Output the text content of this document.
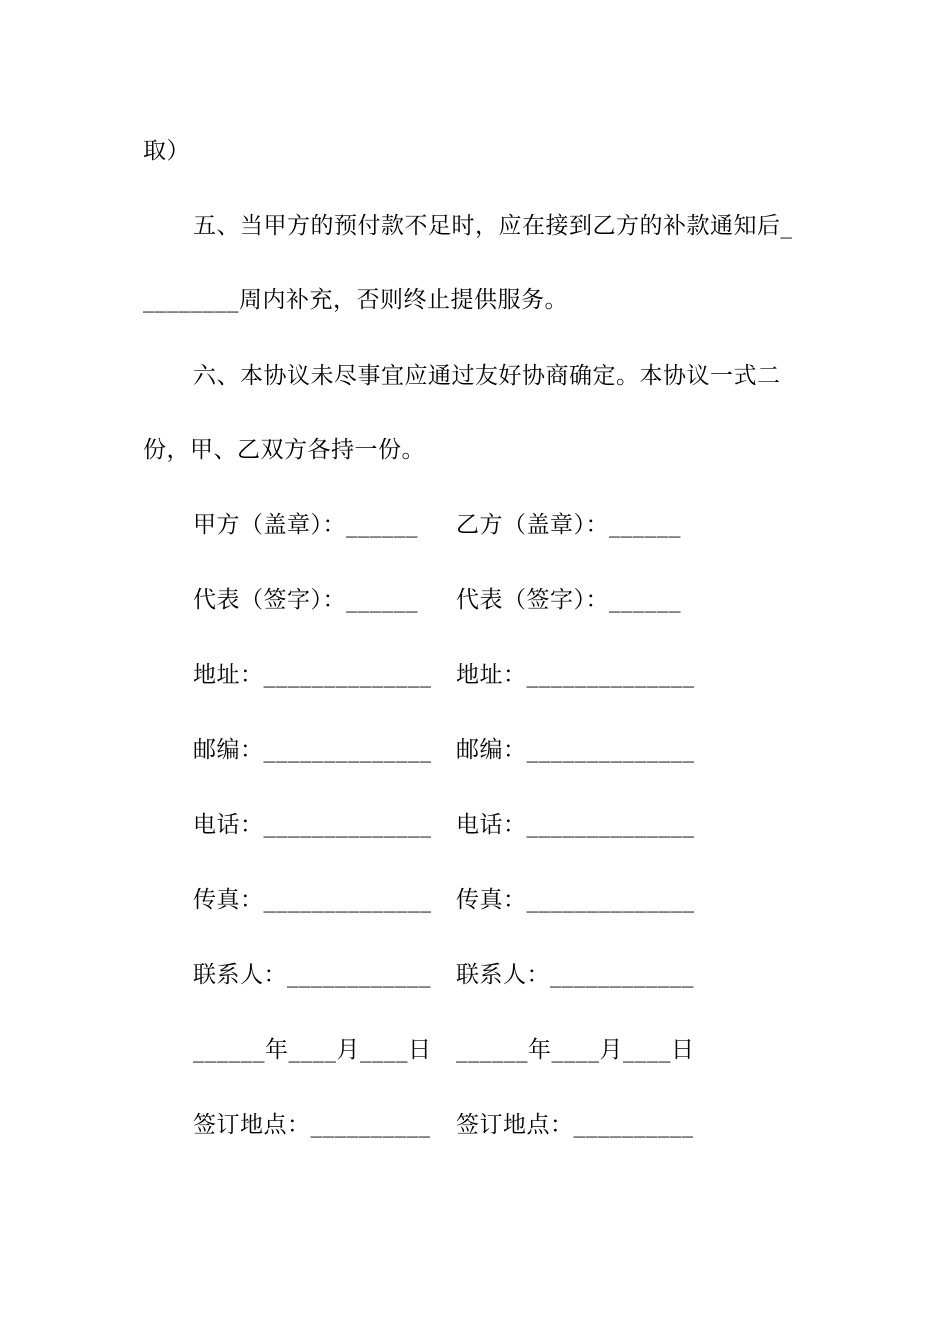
取）
五、当甲方的预付款不足时，应在接到乙方的补款通知后_
________周内补充，否则终止提供服务。
六、本协议未尽事宜应通过友好协商确定。本协议一式二
份，甲、乙双方各持一份。
甲方（盖章）：______
代表（签字）：______
地址：______________
邮编：______________
电话：______________
传真：______________
联系人：____________
______年____月____日
签订地点：__________
乙方（盖章）：______
代表（签字）：______
地址：______________
邮编：______________
电话：______________
传真：______________
联系人：____________
______年____月____日
签订地点：__________
